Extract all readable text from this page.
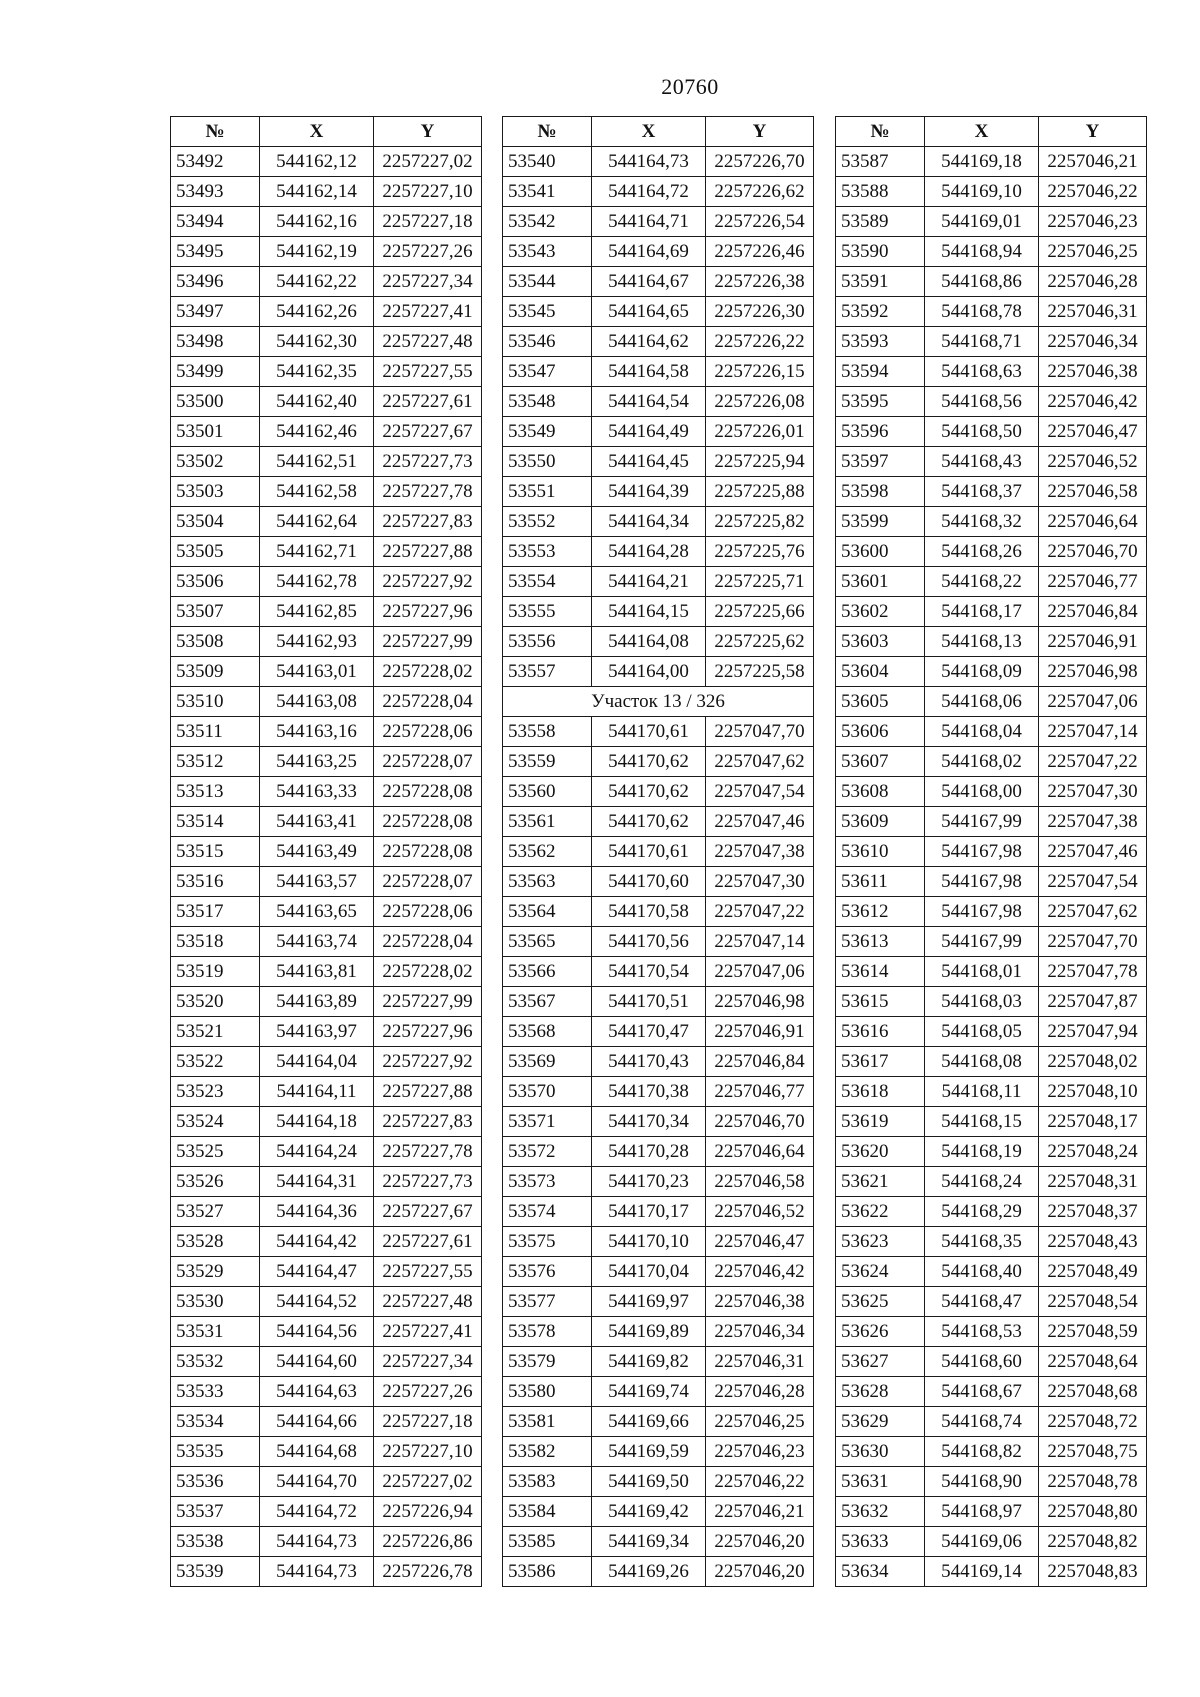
20760
№	X	Y
53492	544162,12	2257227,02
53493	544162,14	2257227,10
53494	544162,16	2257227,18
53495	544162,19	2257227,26
53496	544162,22	2257227,34
53497	544162,26	2257227,41
53498	544162,30	2257227,48
53499	544162,35	2257227,55
53500	544162,40	2257227,61
53501	544162,46	2257227,67
53502	544162,51	2257227,73
53503	544162,58	2257227,78
53504	544162,64	2257227,83
53505	544162,71	2257227,88
53506	544162,78	2257227,92
53507	544162,85	2257227,96
53508	544162,93	2257227,99
53509	544163,01	2257228,02
53510	544163,08	2257228,04
53511	544163,16	2257228,06
53512	544163,25	2257228,07
53513	544163,33	2257228,08
53514	544163,41	2257228,08
53515	544163,49	2257228,08
53516	544163,57	2257228,07
53517	544163,65	2257228,06
53518	544163,74	2257228,04
53519	544163,81	2257228,02
53520	544163,89	2257227,99
53521	544163,97	2257227,96
53522	544164,04	2257227,92
53523	544164,11	2257227,88
53524	544164,18	2257227,83
53525	544164,24	2257227,78
53526	544164,31	2257227,73
53527	544164,36	2257227,67
53528	544164,42	2257227,61
53529	544164,47	2257227,55
53530	544164,52	2257227,48
53531	544164,56	2257227,41
53532	544164,60	2257227,34
53533	544164,63	2257227,26
53534	544164,66	2257227,18
53535	544164,68	2257227,10
53536	544164,70	2257227,02
53537	544164,72	2257226,94
53538	544164,73	2257226,86
53539	544164,73	2257226,78
№	X	Y
53540	544164,73	2257226,70
53541	544164,72	2257226,62
53542	544164,71	2257226,54
53543	544164,69	2257226,46
53544	544164,67	2257226,38
53545	544164,65	2257226,30
53546	544164,62	2257226,22
53547	544164,58	2257226,15
53548	544164,54	2257226,08
53549	544164,49	2257226,01
53550	544164,45	2257225,94
53551	544164,39	2257225,88
53552	544164,34	2257225,82
53553	544164,28	2257225,76
53554	544164,21	2257225,71
53555	544164,15	2257225,66
53556	544164,08	2257225,62
53557	544164,00	2257225,58
Участок 13 / 326		
53558	544170,61	2257047,70
53559	544170,62	2257047,62
53560	544170,62	2257047,54
53561	544170,62	2257047,46
53562	544170,61	2257047,38
53563	544170,60	2257047,30
53564	544170,58	2257047,22
53565	544170,56	2257047,14
53566	544170,54	2257047,06
53567	544170,51	2257046,98
53568	544170,47	2257046,91
53569	544170,43	2257046,84
53570	544170,38	2257046,77
53571	544170,34	2257046,70
53572	544170,28	2257046,64
53573	544170,23	2257046,58
53574	544170,17	2257046,52
53575	544170,10	2257046,47
53576	544170,04	2257046,42
53577	544169,97	2257046,38
53578	544169,89	2257046,34
53579	544169,82	2257046,31
53580	544169,74	2257046,28
53581	544169,66	2257046,25
53582	544169,59	2257046,23
53583	544169,50	2257046,22
53584	544169,42	2257046,21
53585	544169,34	2257046,20
53586	544169,26	2257046,20
№	X	Y
53587	544169,18	2257046,21
53588	544169,10	2257046,22
53589	544169,01	2257046,23
53590	544168,94	2257046,25
53591	544168,86	2257046,28
53592	544168,78	2257046,31
53593	544168,71	2257046,34
53594	544168,63	2257046,38
53595	544168,56	2257046,42
53596	544168,50	2257046,47
53597	544168,43	2257046,52
53598	544168,37	2257046,58
53599	544168,32	2257046,64
53600	544168,26	2257046,70
53601	544168,22	2257046,77
53602	544168,17	2257046,84
53603	544168,13	2257046,91
53604	544168,09	2257046,98
53605	544168,06	2257047,06
53606	544168,04	2257047,14
53607	544168,02	2257047,22
53608	544168,00	2257047,30
53609	544167,99	2257047,38
53610	544167,98	2257047,46
53611	544167,98	2257047,54
53612	544167,98	2257047,62
53613	544167,99	2257047,70
53614	544168,01	2257047,78
53615	544168,03	2257047,87
53616	544168,05	2257047,94
53617	544168,08	2257048,02
53618	544168,11	2257048,10
53619	544168,15	2257048,17
53620	544168,19	2257048,24
53621	544168,24	2257048,31
53622	544168,29	2257048,37
53623	544168,35	2257048,43
53624	544168,40	2257048,49
53625	544168,47	2257048,54
53626	544168,53	2257048,59
53627	544168,60	2257048,64
53628	544168,67	2257048,68
53629	544168,74	2257048,72
53630	544168,82	2257048,75
53631	544168,90	2257048,78
53632	544168,97	2257048,80
53633	544169,06	2257048,82
53634	544169,14	2257048,83
